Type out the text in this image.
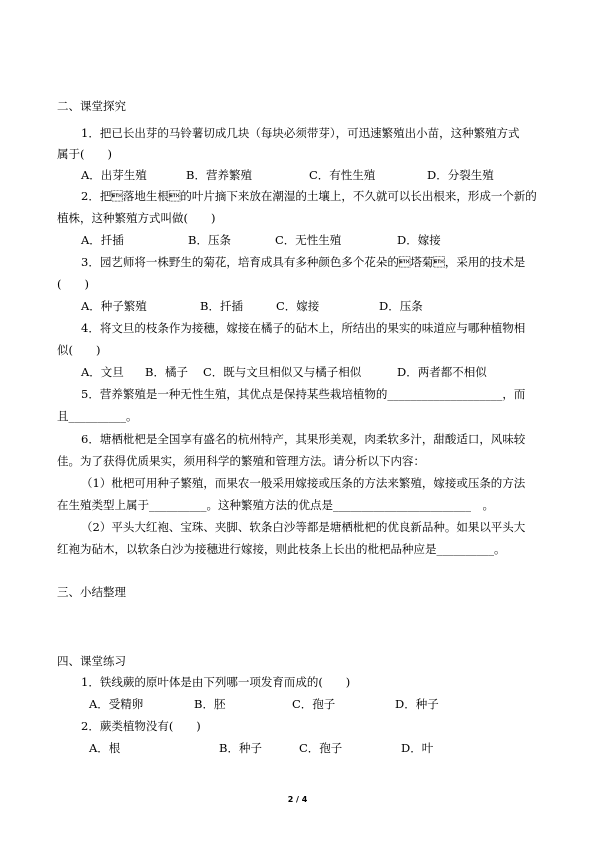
二、课堂探究
1．把已长出芽的马铃薯切成几块（每块必须带芽），可迅速繁殖出小苗，这种繁殖方式
属于(　　)
A．出芽生殖	B．营养繁殖	C．有性生殖	D．分裂生殖
2．把落地生根的叶片摘下来放在潮湿的土壤上，不久就可以长出根来，形成一个新的
植株，这种繁殖方式叫做(　　)
A．扦插	B．压条	C．无性生殖	D．嫁接
3．园艺师将一株野生的菊花，培育成具有多种颜色多个花朵的塔菊，采用的技术是
(　　)
A．种子繁殖	B．扦插	C．嫁接	D．压条
4．将文旦的枝条作为接穗，嫁接在橘子的砧木上，所结出的果实的味道应与哪种植物相
似(　　)
A．文旦 B．橘子 C．既与文旦相似又与橘子相似	D．两者都不相似
5．营养繁殖是一种无性生殖，其优点是保持某些栽培植物的____________________，而
且__________。
6．塘栖枇杷是全国享有盛名的杭州特产，其果形美观，肉柔软多汁，甜酸适口，风味较
佳。为了获得优质果实，须用科学的繁殖和管理方法。请分析以下内容：
（1）枇杷可用种子繁殖，而果农一般采用嫁接或压条的方法来繁殖，嫁接或压条的方法
在生殖类型上属于__________。这种繁殖方法的优点是________________________　。
（2）平头大红袍、宝珠、夹脚、软条白沙等都是塘栖枇杷的优良新品种。如果以平头大
红袍为砧木，以软条白沙为接穗进行嫁接，则此枝条上长出的枇杷品种应是__________。
三、小结整理
四、课堂练习
1．铁线蕨的原叶体是由下列哪一项发育而成的(　　)
A．受精卵	B．胚	C．孢子	D．种子
2．蕨类植物没有(　　)
A．根	B．种子	C．孢子	D．叶
2 / 4
